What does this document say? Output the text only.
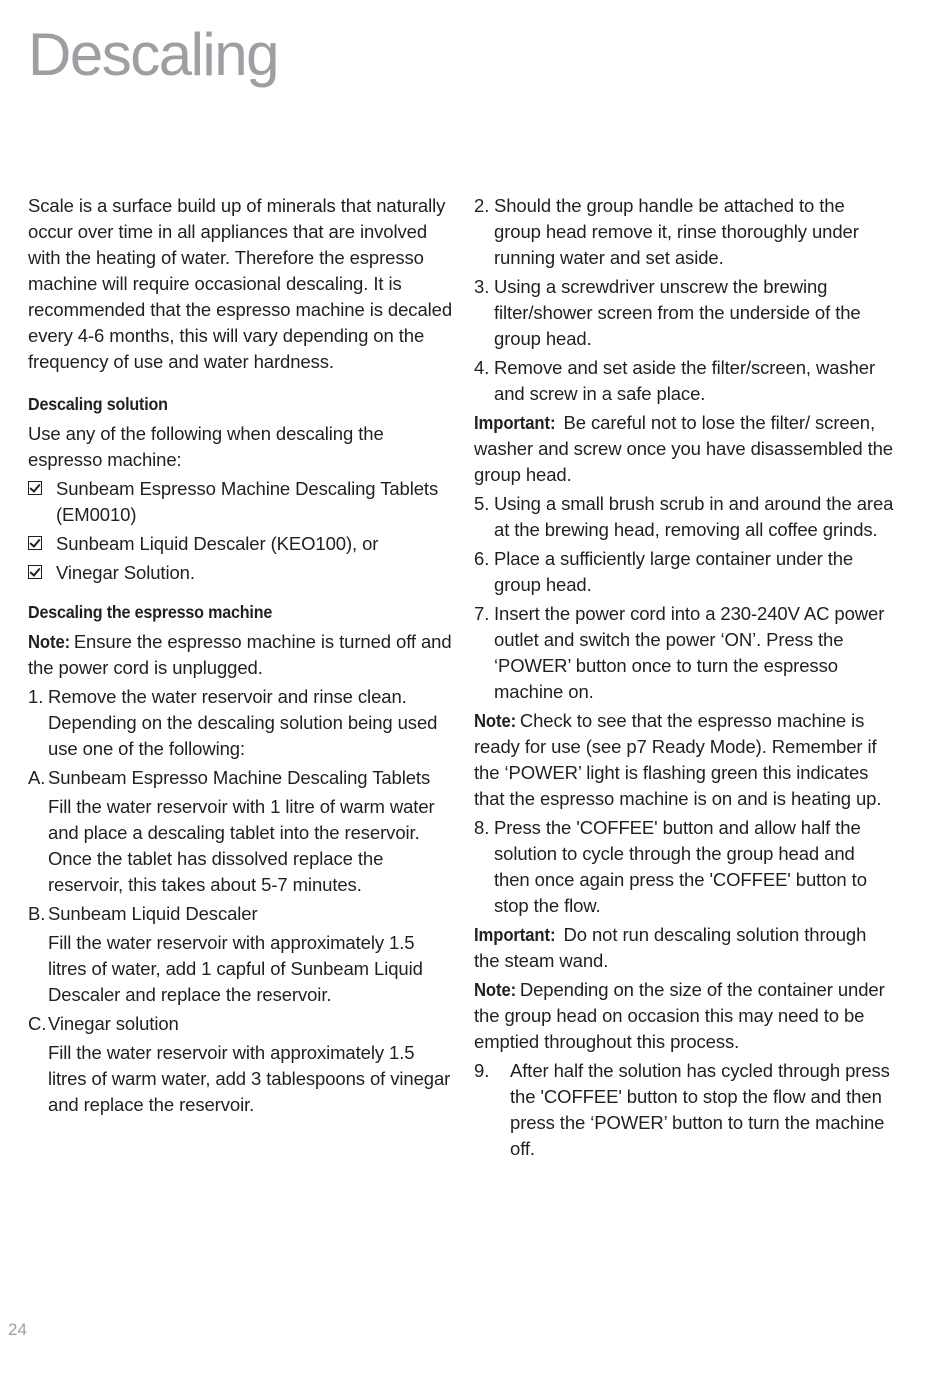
Descaling

Scale is a surface build up of minerals that naturally occur over time in all appliances that are involved with the heating of water. Therefore the espresso machine will require occasional descaling. It is recommended that the espresso machine is decaled every 4-6 months, this will vary depending on the frequency of use and water hardness.

Descaling solution

Use any of the following when descaling the espresso machine:

Sunbeam Espresso Machine Descaling Tablets (EM0010)
Sunbeam Liquid Descaler (KEO100), or
Vinegar Solution.
Descaling the espresso machine

Note: Ensure the espresso machine is turned off and the power cord is unplugged.

1. Remove the water reservoir and rinse clean. Depending on the descaling solution being used use one of the following:
A. Sunbeam Espresso Machine Descaling Tablets

Fill the water reservoir with 1 litre of warm water and place a descaling tablet into the reservoir. Once the tablet has dissolved replace the reservoir, this takes about 5-7 minutes.

B. Sunbeam Liquid Descaler

Fill the water reservoir with approximately 1.5 litres of water, add 1 capful of Sunbeam Liquid Descaler and replace the reservoir.

C. Vinegar solution

Fill the water reservoir with approximately 1.5 litres of warm water, add 3 tablespoons of vinegar and replace the reservoir.

2. Should the group handle be attached to the group head remove it, rinse thoroughly under running water and set aside.
3. Using a screwdriver unscrew the brewing filter/shower screen from the underside of the group head.
4. Remove and set aside the filter/screen, washer and screw in a safe place.

Important: Be careful not to lose the filter/ screen, washer and screw once you have disassembled the group head.

5. Using a small brush scrub in and around the area at the brewing head, removing all coffee grinds.
6. Place a sufficiently large container under the group head.
7. Insert the power cord into a 230-240V AC power outlet and switch the power ‘ON’. Press the ‘POWER’ button once to turn the espresso machine on.

Note: Check to see that the espresso machine is ready for use (see p7 Ready Mode). Remember if the ‘POWER’ light is flashing green this indicates that the espresso machine is on and is heating up.

8. Press the 'COFFEE' button and allow half the solution to cycle through the group head and then once again press the 'COFFEE' button to stop the flow.

Important: Do not run descaling solution through the steam wand.

Note: Depending on the size of the container under the group head on occasion this may need to be emptied throughout this process.

9.	After half the solution has cycled through press the 'COFFEE' button to stop the flow and then press the ‘POWER’ button to turn the machine off.
24
